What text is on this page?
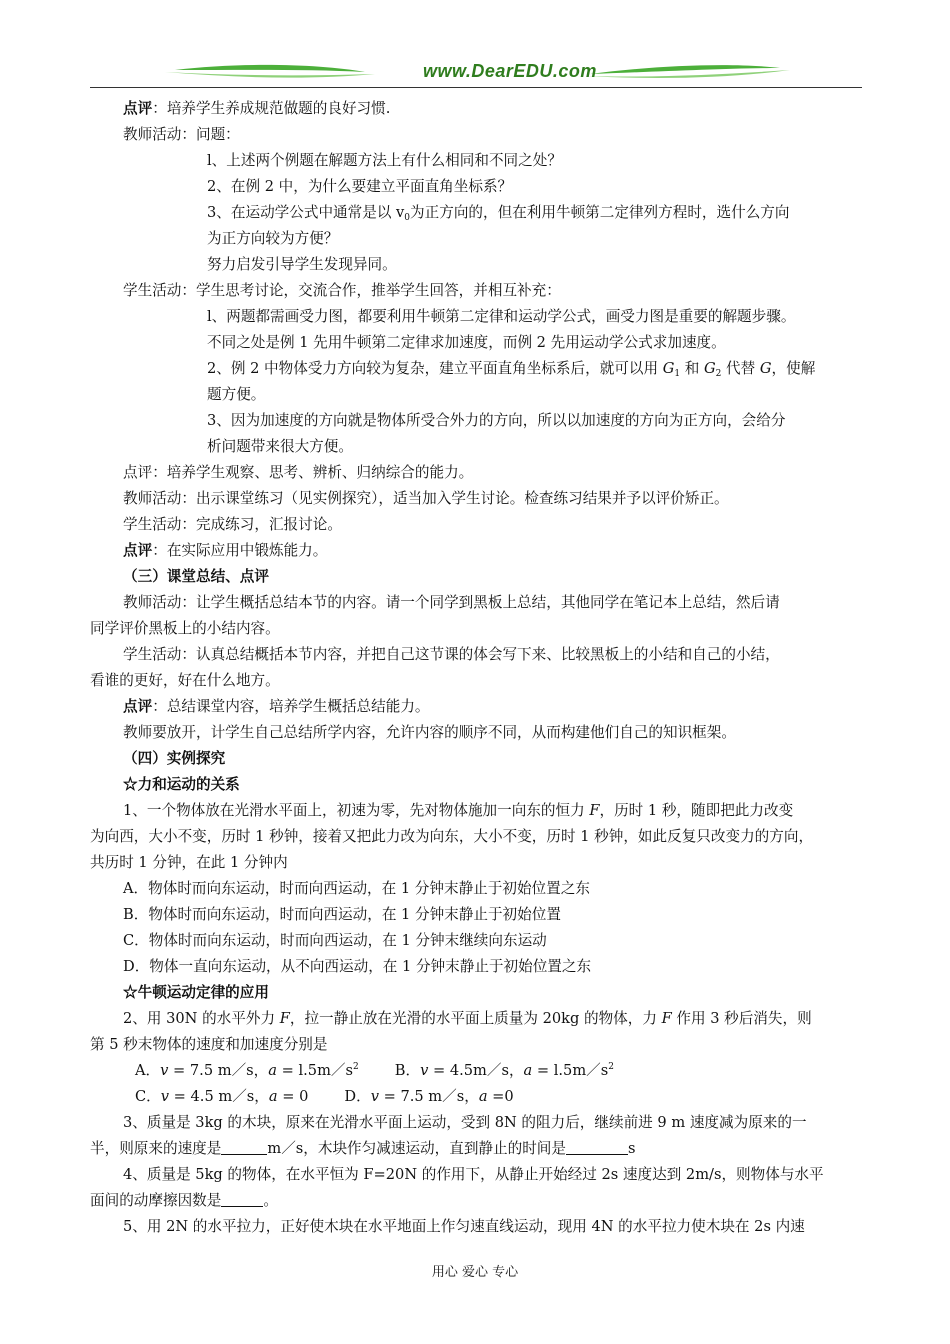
www.DearEDU.com
点评：培养学生养成规范做题的良好习惯.
教师活动：问题：
l、上述两个例题在解题方法上有什么相同和不同之处？
2、在例 2 中，为什么要建立平面直角坐标系？
3、在运动学公式中通常是以 $v_0$为正方向的，但在利用牛顿第二定律列方程时，选什么方向
为正方向较为方便？
努力启发引导学生发现异同。
学生活动：学生思考讨论，交流合作，推举学生回答，并相互补充：
l、两题都需画受力图，都要利用牛顿第二定律和运动学公式，画受力图是重要的解题步骤。
不同之处是例 1 先用牛顿第二定律求加速度，而例 2 先用运动学公式求加速度。
2、例 2 中物体受力方向较为复杂，建立平面直角坐标系后，就可以用 $G_1$ 和 $G_2$ 代替 G，使解
题方便。
3、因为加速度的方向就是物体所受合外力的方向，所以以加速度的方向为正方向，会给分
析问题带来很大方便。
点评：培养学生观察、思考、辨析、归纳综合的能力。
教师活动：出示课堂练习（见实例探究），适当加入学生讨论。检查练习结果并予以评价矫正。
学生活动：完成练习，汇报讨论。
点评：在实际应用中锻炼能力。
（三）课堂总结、点评
教师活动：让学生概括总结本节的内容。请一个同学到黑板上总结，其他同学在笔记本上总结，然后请
同学评价黑板上的小结内容。
学生活动：认真总结概括本节内容，并把自己这节课的体会写下来、比较黑板上的小结和自己的小结，
看谁的更好，好在什么地方。
点评：总结课堂内容，培养学生概括总结能力。
教师要放开，计学生自己总结所学内容，允许内容的顺序不同，从而构建他们自己的知识框架。
（四）实例探究
☆力和运动的关系
1、一个物体放在光滑水平面上，初速为零，先对物体施加一向东的恒力 F，历时 1 秒，随即把此力改变
为向西，大小不变，历时 1 秒钟，接着又把此力改为向东，大小不变，历时 1 秒钟，如此反复只改变力的方向，
共历时 1 分钟，在此 1 分钟内
A．物体时而向东运动，时而向西运动，在 1 分钟末静止于初始位置之东
B．物体时而向东运动，时而向西运动，在 1 分钟末静止于初始位置
C．物体时而向东运动，时而向西运动，在 1 分钟末继续向东运动
D．物体一直向东运动，从不向西运动，在 1 分钟末静止于初始位置之东
☆牛顿运动定律的应用
2、用 30N 的水平外力 F，拉一静止放在光滑的水平面上质量为 20kg 的物体，力 F 作用 3 秒后消失，则
第 5 秒末物体的速度和加速度分别是
A．v = 7.5 m／s，$a = l.5m/s^2$ B．v = 4.5m／s，$a = l.5m/s^2$
C．v = 4.5 m／s，a = 0 D．v = 7.5 m／s，a =0
3、质量是 3kg 的木块，原来在光滑水平面上运动，受到 8N 的阻力后，继续前进 9 m 速度减为原来的一
半，则原来的速度是	m／s，木块作匀减速运动，直到静止的时间是	s
4、质量是 5kg 的物体，在水平恒为 F=20N 的作用下，从静止开始经过 2s 速度达到 2m/s，则物体与水平
面间的动摩擦因数是	。
5、用 2N 的水平拉力，正好使木块在水平地面上作匀速直线运动，现用 4N 的水平拉力使木块在 2s 内速
用心 爱心 专心
